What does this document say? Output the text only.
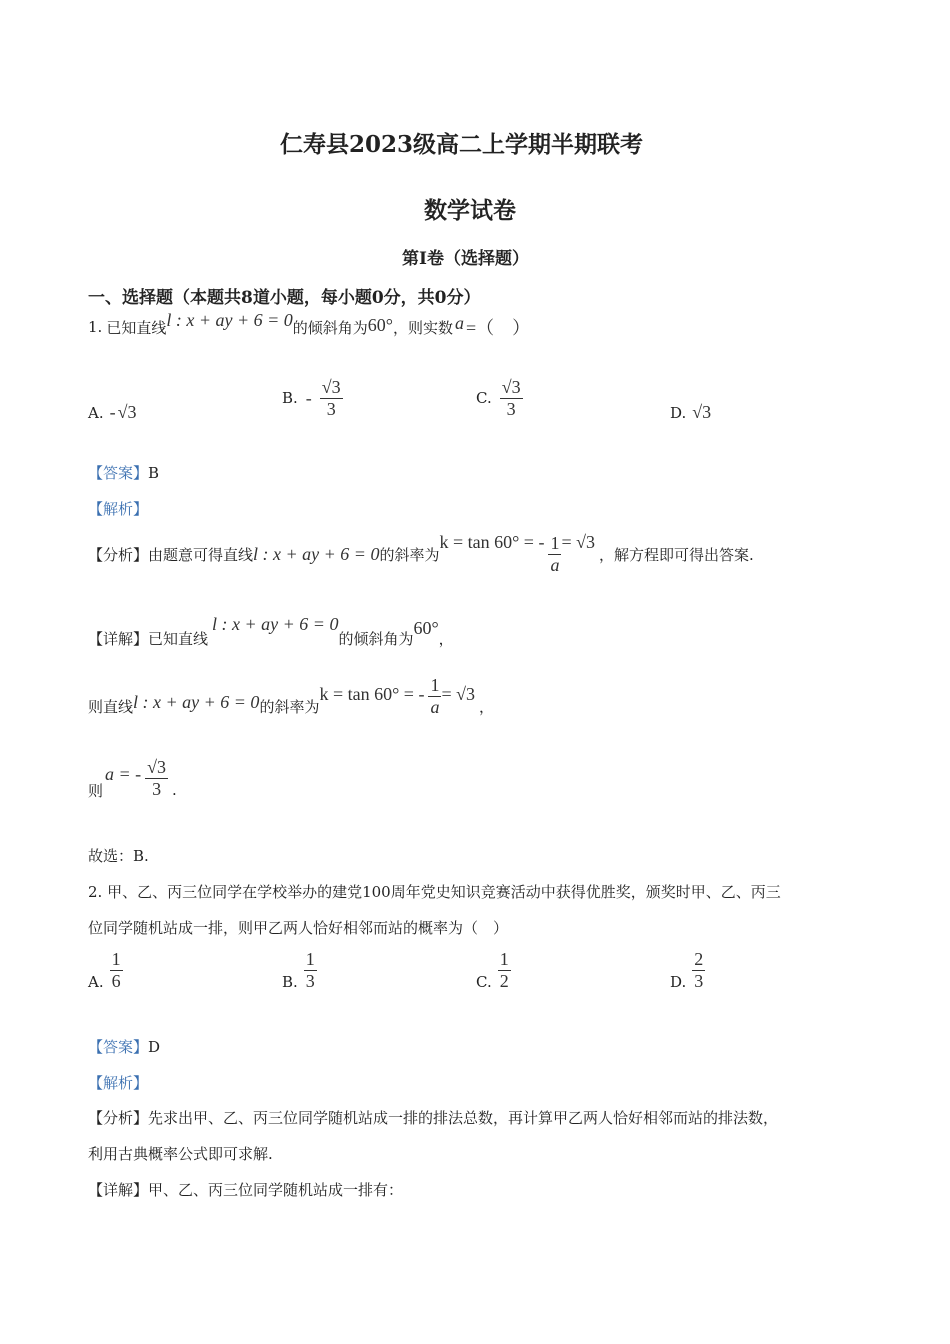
仁寿县2023级高二上学期半期联考
数学试卷
第I卷（选择题）
一、选择题（本题共8道小题，每小题0分，共0分）
1. 已知直线 l : x + ay + 6 = 0 的倾斜角为 60° ，则实数 a =（　）
A. - √3
B. - $\frac{√3}{3}$	C. $\frac{√3}{3}$	D. √3
【答案】B
【解析】
【分析】 由题意可得直线 l : x + ay + 6 = 0 的斜率为
k = tan 60° = - $\frac{1}{a} = √3$
，解方程即可得出答案.
【详解】 已知直线
l : x + ay + 6 = 0
的倾斜角为
60°
，
则直线 l : x + ay + 6 = 0 的斜率为
k = tan 60° = - $\frac{1}{a} = √3$
，
则
a = - $\frac{√3}{3}$ .
故选：B.
2. 甲、乙、丙三位同学在学校举办的建党100周年党史知识竞赛活动中获得优胜奖，颁奖时甲、乙、丙三
位同学随机站成一排，则甲乙两人恰好相邻而站的概率为（　）
A. $\frac{1}{6}$	B. $\frac{1}{3}$	C. $\frac{1}{2}$	D. $\frac{2}{3}$
【答案】D
【解析】
【分析】先求出甲、乙、丙三位同学随机站成一排的排法总数，再计算甲乙两人恰好相邻而站的排法数，
利用古典概率公式即可求解.
【详解】甲、乙、丙三位同学随机站成一排有：
